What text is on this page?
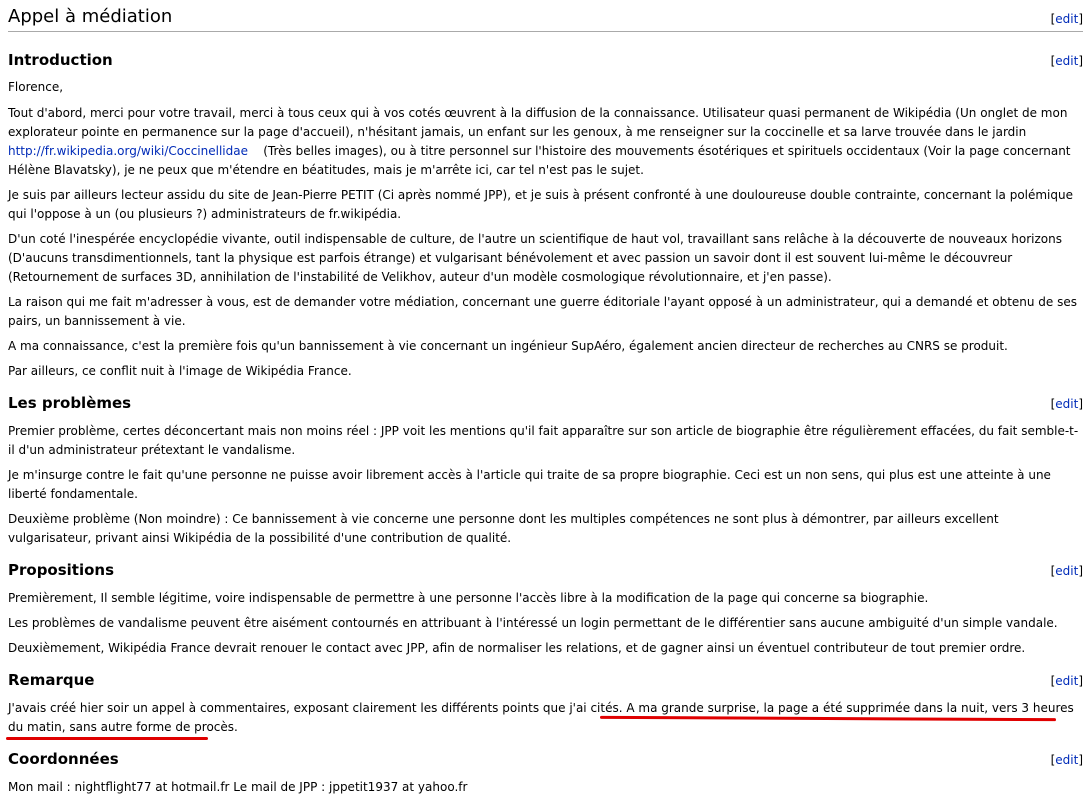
Appel à médiation	[edit]
Introduction	[edit]
Florence,
Tout d'abord, merci pour votre travail, merci à tous ceux qui à vos cotés œuvrent à la diffusion de la connaissance. Utilisateur quasi permanent de Wikipédia (Un onglet de mon explorateur pointe en permanence sur la page d'accueil), n'hésitant jamais, un enfant sur les genoux, à me renseigner sur la coccinelle et sa larve trouvée dans le jardin
http://fr.wikipedia.org/wiki/Coccinellidae (Très belles images), ou à titre personnel sur l'histoire des mouvements ésotériques et spirituels occidentaux (Voir la page concernant Hélène Blavatsky), je ne peux que m'étendre en béatitudes, mais je m'arrête ici, car tel n'est pas le sujet.
Je suis par ailleurs lecteur assidu du site de Jean-Pierre PETIT (Ci après nommé JPP), et je suis à présent confronté à une douloureuse double contrainte, concernant la polémique qui l'oppose à un (ou plusieurs ?) administrateurs de fr.wikipédia.
D'un coté l'inespérée encyclopédie vivante, outil indispensable de culture, de l'autre un scientifique de haut vol, travaillant sans relâche à la découverte de nouveaux horizons (D'aucuns transdimentionnels, tant la physique est parfois étrange) et vulgarisant bénévolement et avec passion un savoir dont il est souvent lui-même le découvreur (Retournement de surfaces 3D, annihilation de l'instabilité de Velikhov, auteur d'un modèle cosmologique révolutionnaire, et j'en passe).
La raison qui me fait m'adresser à vous, est de demander votre médiation, concernant une guerre éditoriale l'ayant opposé à un administrateur, qui a demandé et obtenu de ses pairs, un bannissement à vie.
A ma connaissance, c'est la première fois qu'un bannissement à vie concernant un ingénieur SupAéro, également ancien directeur de recherches au CNRS se produit.
Par ailleurs, ce conflit nuit à l'image de Wikipédia France.
Les problèmes	[edit]
Premier problème, certes déconcertant mais non moins réel : JPP voit les mentions qu'il fait apparaître sur son article de biographie être régulièrement effacées, du fait semble-t-il d'un administrateur prétextant le vandalisme.
Je m'insurge contre le fait qu'une personne ne puisse avoir librement accès à l'article qui traite de sa propre biographie. Ceci est un non sens, qui plus est une atteinte à une liberté fondamentale.
Deuxième problème (Non moindre) : Ce bannissement à vie concerne une personne dont les multiples compétences ne sont plus à démontrer, par ailleurs excellent vulgarisateur, privant ainsi Wikipédia de la possibilité d'une contribution de qualité.
Propositions	[edit]
Premièrement, Il semble légitime, voire indispensable de permettre à une personne l'accès libre à la modification de la page qui concerne sa biographie.
Les problèmes de vandalisme peuvent être aisément contournés en attribuant à l'intéressé un login permettant de le différentier sans aucune ambiguité d'un simple vandale.
Deuxièmement, Wikipédia France devrait renouer le contact avec JPP, afin de normaliser les relations, et de gagner ainsi un éventuel contributeur de tout premier ordre.
Remarque	[edit]
J'avais créé hier soir un appel à commentaires, exposant clairement les différents points que j'ai cités. A ma grande surprise, la page a été supprimée dans la nuit, vers 3 heures du matin, sans autre forme de procès.
Coordonnées	[edit]
Mon mail : nightflight77 at hotmail.fr Le mail de JPP : jppetit1937 at yahoo.fr
